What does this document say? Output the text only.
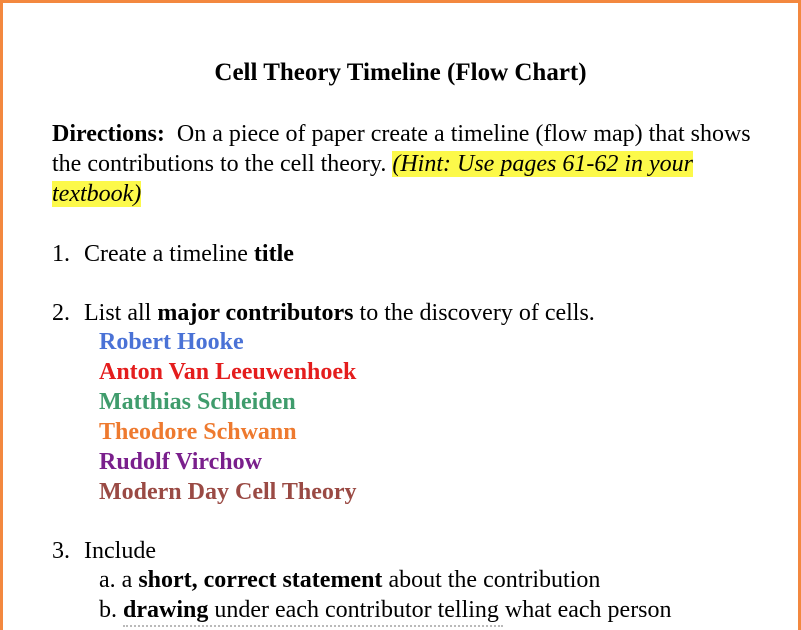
Cell Theory Timeline (Flow Chart)
Directions: On a piece of paper create a timeline (flow map) that shows the contributions to the cell theory. (Hint: Use pages 61-62 in your textbook)
1. Create a timeline title
2. List all major contributors to the discovery of cells.
Robert Hooke
Anton Van Leeuwenhoek
Matthias Schleiden
Theodore Schwann
Rudolf Virchow
Modern Day Cell Theory
3. Include
a. a short, correct statement about the contribution
b. drawing under each contributor telling what each person
